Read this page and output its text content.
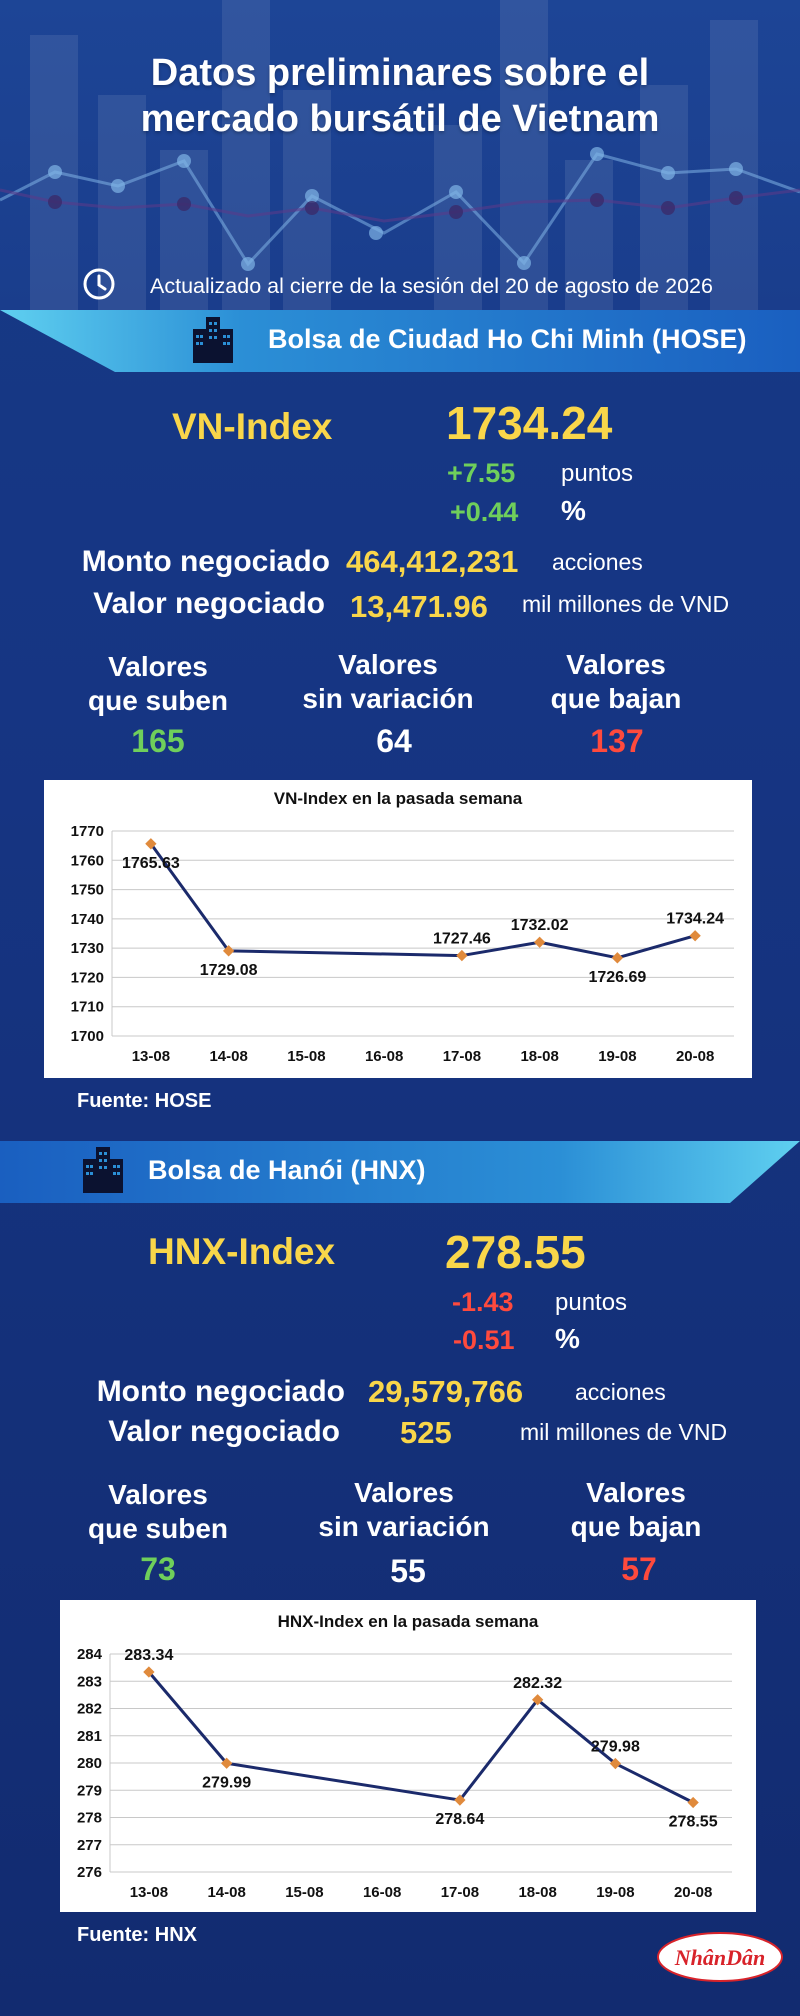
Datos preliminares sobre el
mercado bursátil de Vietnam
Actualizado al cierre de la sesión del 20 de agosto de 2026
Bolsa de Ciudad Ho Chi Minh (HOSE)
VN-Index 1734.24
+7.55 puntos
+0.44 %
Monto negociado 464,412,231 acciones
Valor negociado 13,471.96 mil millones de VND
Valores
que suben
165
Valores
sin variación
64
Valores
que bajan
137
VN-Index en la pasada semana
1700
1710
1720
1730
1740
1750
1760
1770
13-08	14-08	15-08	16-08	17-08	18-08	19-08	20-08
1765.63
1729.08
1727.46
1732.02
1726.69
1734.24
Fuente: HOSE
Bolsa de Hanói (HNX)
HNX-Index 278.55
-1.43 puntos
-0.51 %
Monto negociado 29,579,766 acciones
Valor negociado 525	mil millones de VND
Valores
que suben
73
Valores
sin variación
55
Valores
que bajan
57
HNX-Index en la pasada semana
276
277
278
279
280
281
282
283
284
13-08	14-08	15-08	16-08	17-08	18-08	19-08	20-08
283.34
279.99
278.64
282.32
279.98
278.55
Fuente: HNX
NhânDân
